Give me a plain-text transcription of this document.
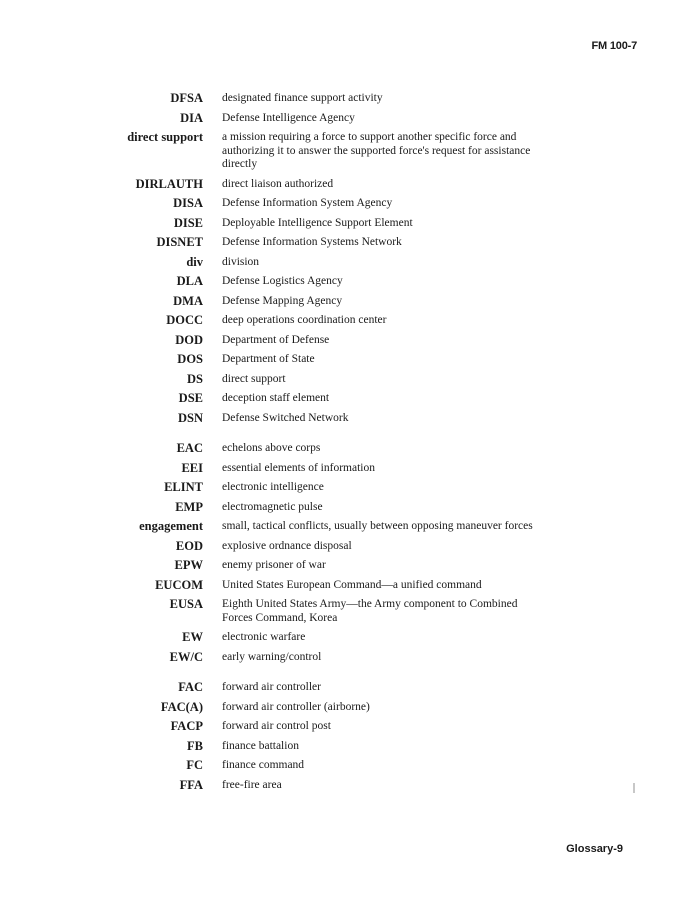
FM 100-7
DFSA designated finance support activity
DIA Defense Intelligence Agency
direct support a mission requiring a force to support another specific force and authorizing it to answer the supported force's request for assistance directly
DIRLAUTH direct liaison authorized
DISA Defense Information System Agency
DISE Deployable Intelligence Support Element
DISNET Defense Information Systems Network
div division
DLA Defense Logistics Agency
DMA Defense Mapping Agency
DOCC deep operations coordination center
DOD Department of Defense
DOS Department of State
DS direct support
DSE deception staff element
DSN Defense Switched Network
EAC echelons above corps
EEI essential elements of information
ELINT electronic intelligence
EMP electromagnetic pulse
engagement small, tactical conflicts, usually between opposing maneuver forces
EOD explosive ordnance disposal
EPW enemy prisoner of war
EUCOM United States European Command—a unified command
EUSA Eighth United States Army—the Army component to Combined Forces Command, Korea
EW electronic warfare
EW/C early warning/control
FAC forward air controller
FAC(A) forward air controller (airborne)
FACP forward air control post
FB finance battalion
FC finance command
FFA free-fire area
Glossary-9
